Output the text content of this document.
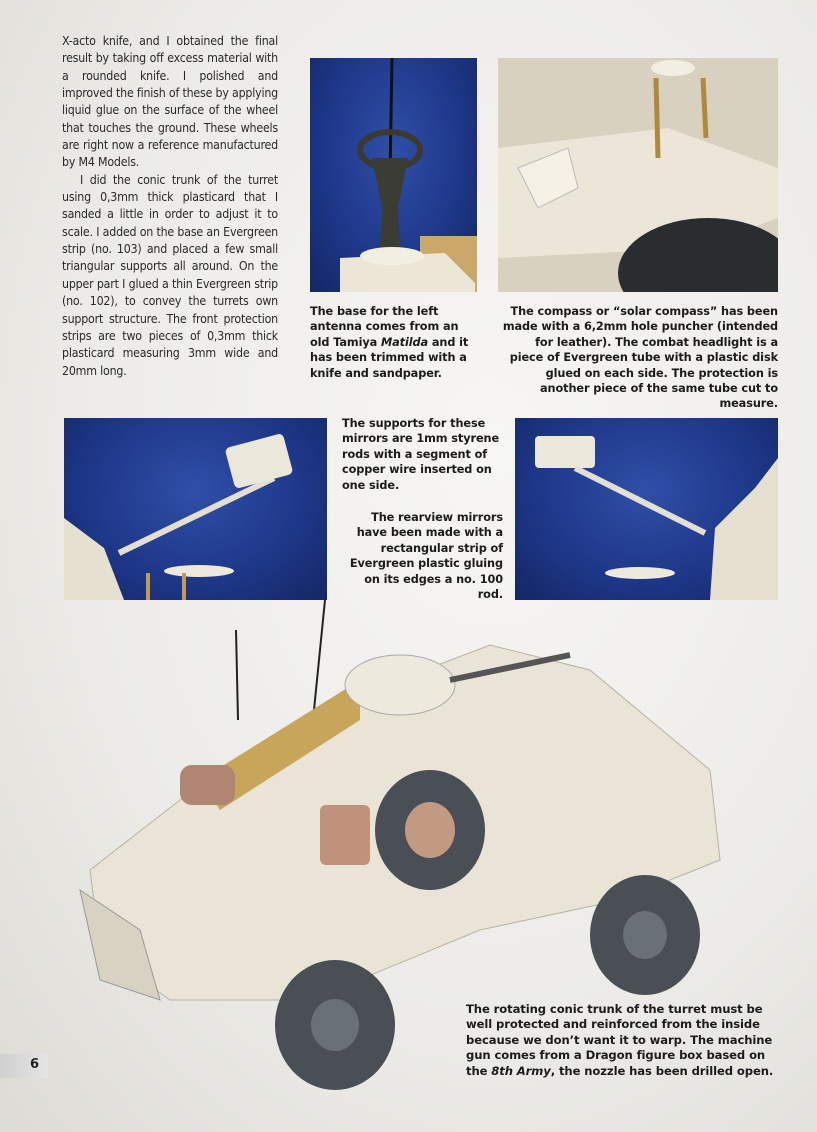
X-acto knife, and I obtained the final result by taking off excess material with a rounded knife. I polished and improved the finish of these by applying liquid glue on the surface of the wheel that touches the ground. These wheels are right now a reference manufactured by M4 Models.

I did the conic trunk of the turret using 0,3mm thick plasticard that I sanded a little in order to adjust it to scale. I added on the base an Evergreen strip (no. 103) and placed a few small triangular supports all around. On the upper part I glued a thin Evergreen strip (no. 102), to convey the turrets own support structure. The front protection strips are two pieces of 0,3mm thick plasticard measuring 3mm wide and 20mm long.

The base for the left antenna comes from an old Tamiya Matilda and it has been trimmed with a knife and sandpaper.
The compass or “solar compass” has been made with a 6,2mm hole puncher (intended for leather). The combat headlight is a piece of Evergreen tube with a plastic disk glued on each side. The protection is another piece of the same tube cut to measure.
The supports for these mirrors are 1mm styrene rods with a segment of copper wire inserted on one side.
The rearview mirrors have been made with a rectangular strip of Evergreen plastic gluing on its edges a no. 100 rod.
The rotating conic trunk of the turret must be well protected and reinforced from the inside because we don’t want it to warp. The machine gun comes from a Dragon figure box based on the 8th Army, the nozzle has been drilled open.
6
